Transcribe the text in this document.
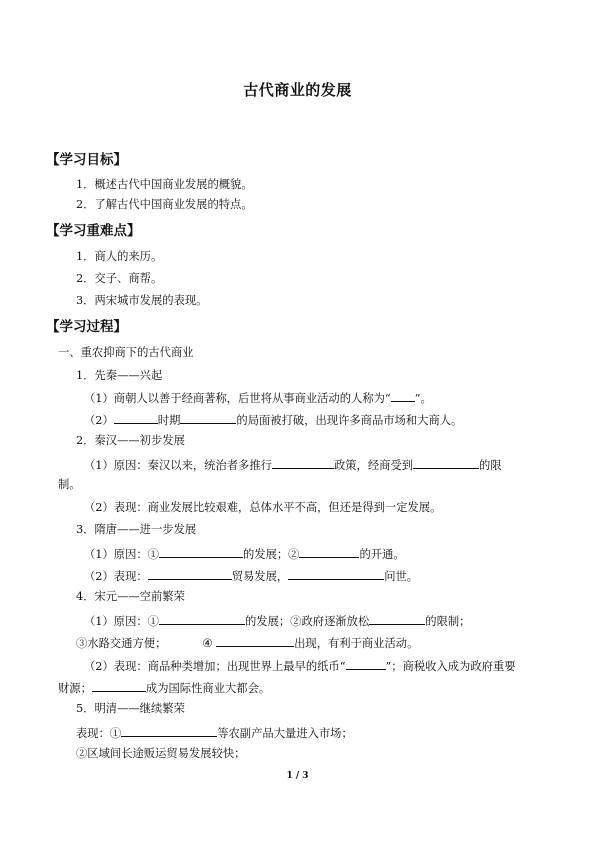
古代商业的发展
【学习目标】
1．概述古代中国商业发展的概貌。
2．了解古代中国商业发展的特点。
【学习重难点】
1．商人的来历。
2．交子、商帮。
3．两宋城市发展的表现。
【学习过程】
一、重农抑商下的古代商业
1．先秦——兴起
（1）商朝人以善于经商著称，后世将从事商业活动的人称为“ ”。
（2）	时期	的局面被打破，出现许多商品市场和大商人。
2．秦汉——初步发展
（1）原因：秦汉以来，统治者多推行	政策，经商受到	的限
制。
（2）表现：商业发展比较艰难，总体水平不高，但还是得到一定发展。
3．隋唐——进一步发展
（1）原因：①	的发展；②	的开通。
（2）表现：	贸易发展，	问世。
4．宋元——空前繁荣
（1）原因：①	的发展；②政府逐渐放松	的限制；
③水路交通方便；	④	出现，有利于商业活动。
（2）表现：商品种类增加；出现世界上最早的纸币“	”；商税收入成为政府重要
财源；	成为国际性商业大都会。
5．明清——继续繁荣
表现：①	等农副产品大量进入市场；
②区域间长途贩运贸易发展较快；
1 / 3
